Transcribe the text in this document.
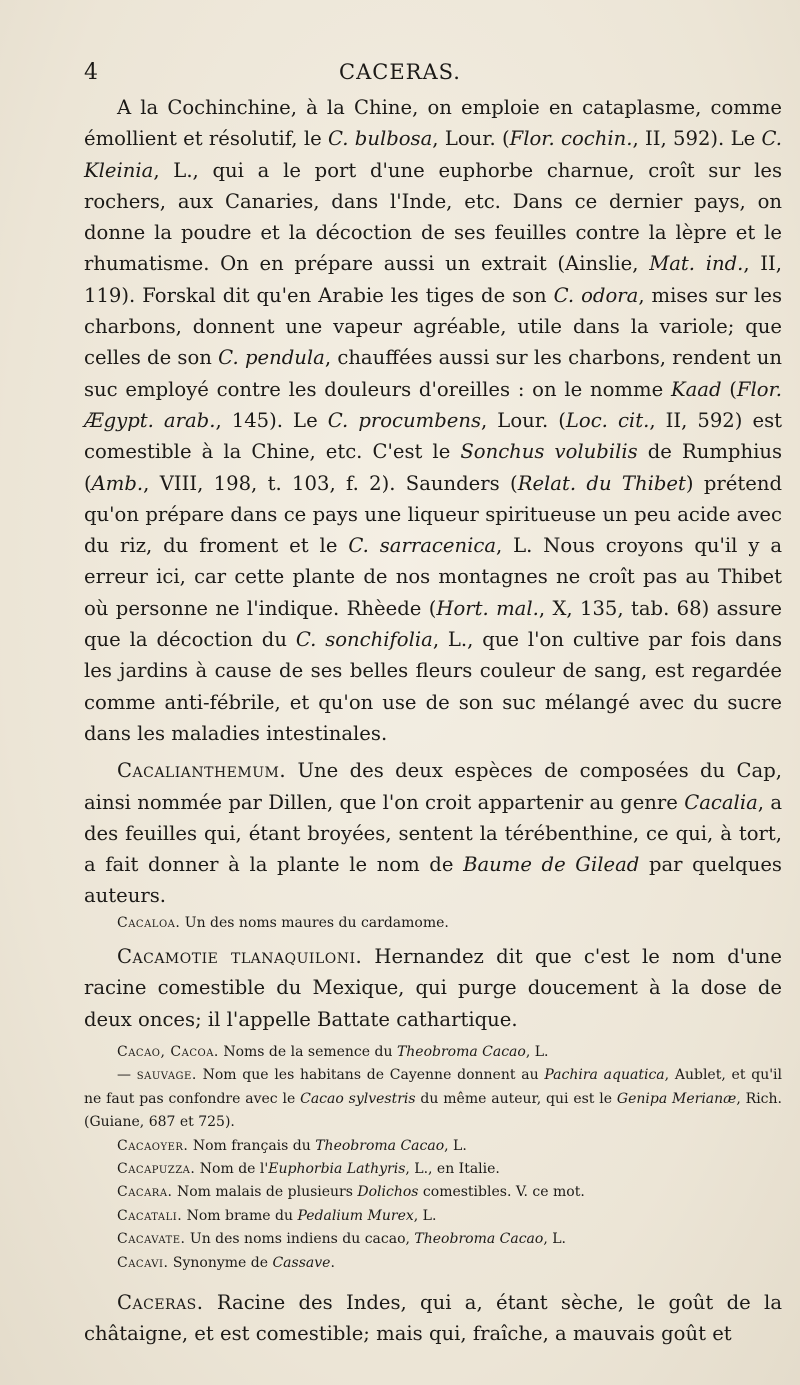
4	CACERAS.

A la Cochinchine, à la Chine, on emploie en cataplasme, comme émollient et résolutif, le C. bulbosa, Lour. (Flor. cochin., II, 592). Le C. Kleinia, L., qui a le port d'une euphorbe charnue, croît sur les rochers, aux Canaries, dans l'Inde, etc. Dans ce dernier pays, on donne la poudre et la décoction de ses feuilles contre la lèpre et le rhumatisme. On en prépare aussi un extrait (Ainslie, Mat. ind., II, 119). Forskal dit qu'en Arabie les tiges de son C. odora, mises sur les charbons, donnent une vapeur agréable, utile dans la variole; que celles de son C. pendula, chauffées aussi sur les charbons, rendent un suc employé contre les douleurs d'oreilles : on le nomme Kaad (Flor. Ægypt. arab., 145). Le C. procumbens, Lour. (Loc. cit., II, 592) est comestible à la Chine, etc. C'est le Sonchus volubilis de Rumphius (Amb., VIII, 198, t. 103, f. 2). Saunders (Relat. du Thibet) prétend qu'on prépare dans ce pays une liqueur spiritueuse un peu acide avec du riz, du froment et le C. sarracenica, L. Nous croyons qu'il y a erreur ici, car cette plante de nos montagnes ne croît pas au Thibet où personne ne l'indique. Rhèede (Hort. mal., X, 135, tab. 68) assure que la décoction du C. sonchifolia, L., que l'on cultive par fois dans les jardins à cause de ses belles fleurs couleur de sang, est regardée comme anti-fébrile, et qu'on use de son suc mélangé avec du sucre dans les maladies intestinales.

Cacalianthemum. Une des deux espèces de composées du Cap, ainsi nommée par Dillen, que l'on croit appartenir au genre Cacalia, a des feuilles qui, étant broyées, sentent la térébenthine, ce qui, à tort, a fait donner à la plante le nom de Baume de Gilead par quelques auteurs.

Cacaloa. Un des noms maures du cardamome.

Cacamotie tlanaquiloni. Hernandez dit que c'est le nom d'une racine comestible du Mexique, qui purge doucement à la dose de deux onces; il l'appelle Battate cathartique.

Cacao, Cacoa. Noms de la semence du Theobroma Cacao, L.

— sauvage. Nom que les habitans de Cayenne donnent au Pachira aquatica, Aublet, et qu'il ne faut pas confondre avec le Cacao sylvestris du même auteur, qui est le Genipa Merianæ, Rich. (Guiane, 687 et 725).

Cacaoyer. Nom français du Theobroma Cacao, L.

Cacapuzza. Nom de l'Euphorbia Lathyris, L., en Italie.

Cacara. Nom malais de plusieurs Dolichos comestibles. V. ce mot.

Cacatali. Nom brame du Pedalium Murex, L.

Cacavate. Un des noms indiens du cacao, Theobroma Cacao, L.

Cacavi. Synonyme de Cassave.

Caceras. Racine des Indes, qui a, étant sèche, le goût de la châtaigne, et est comestible; mais qui, fraîche, a mauvais goût et
